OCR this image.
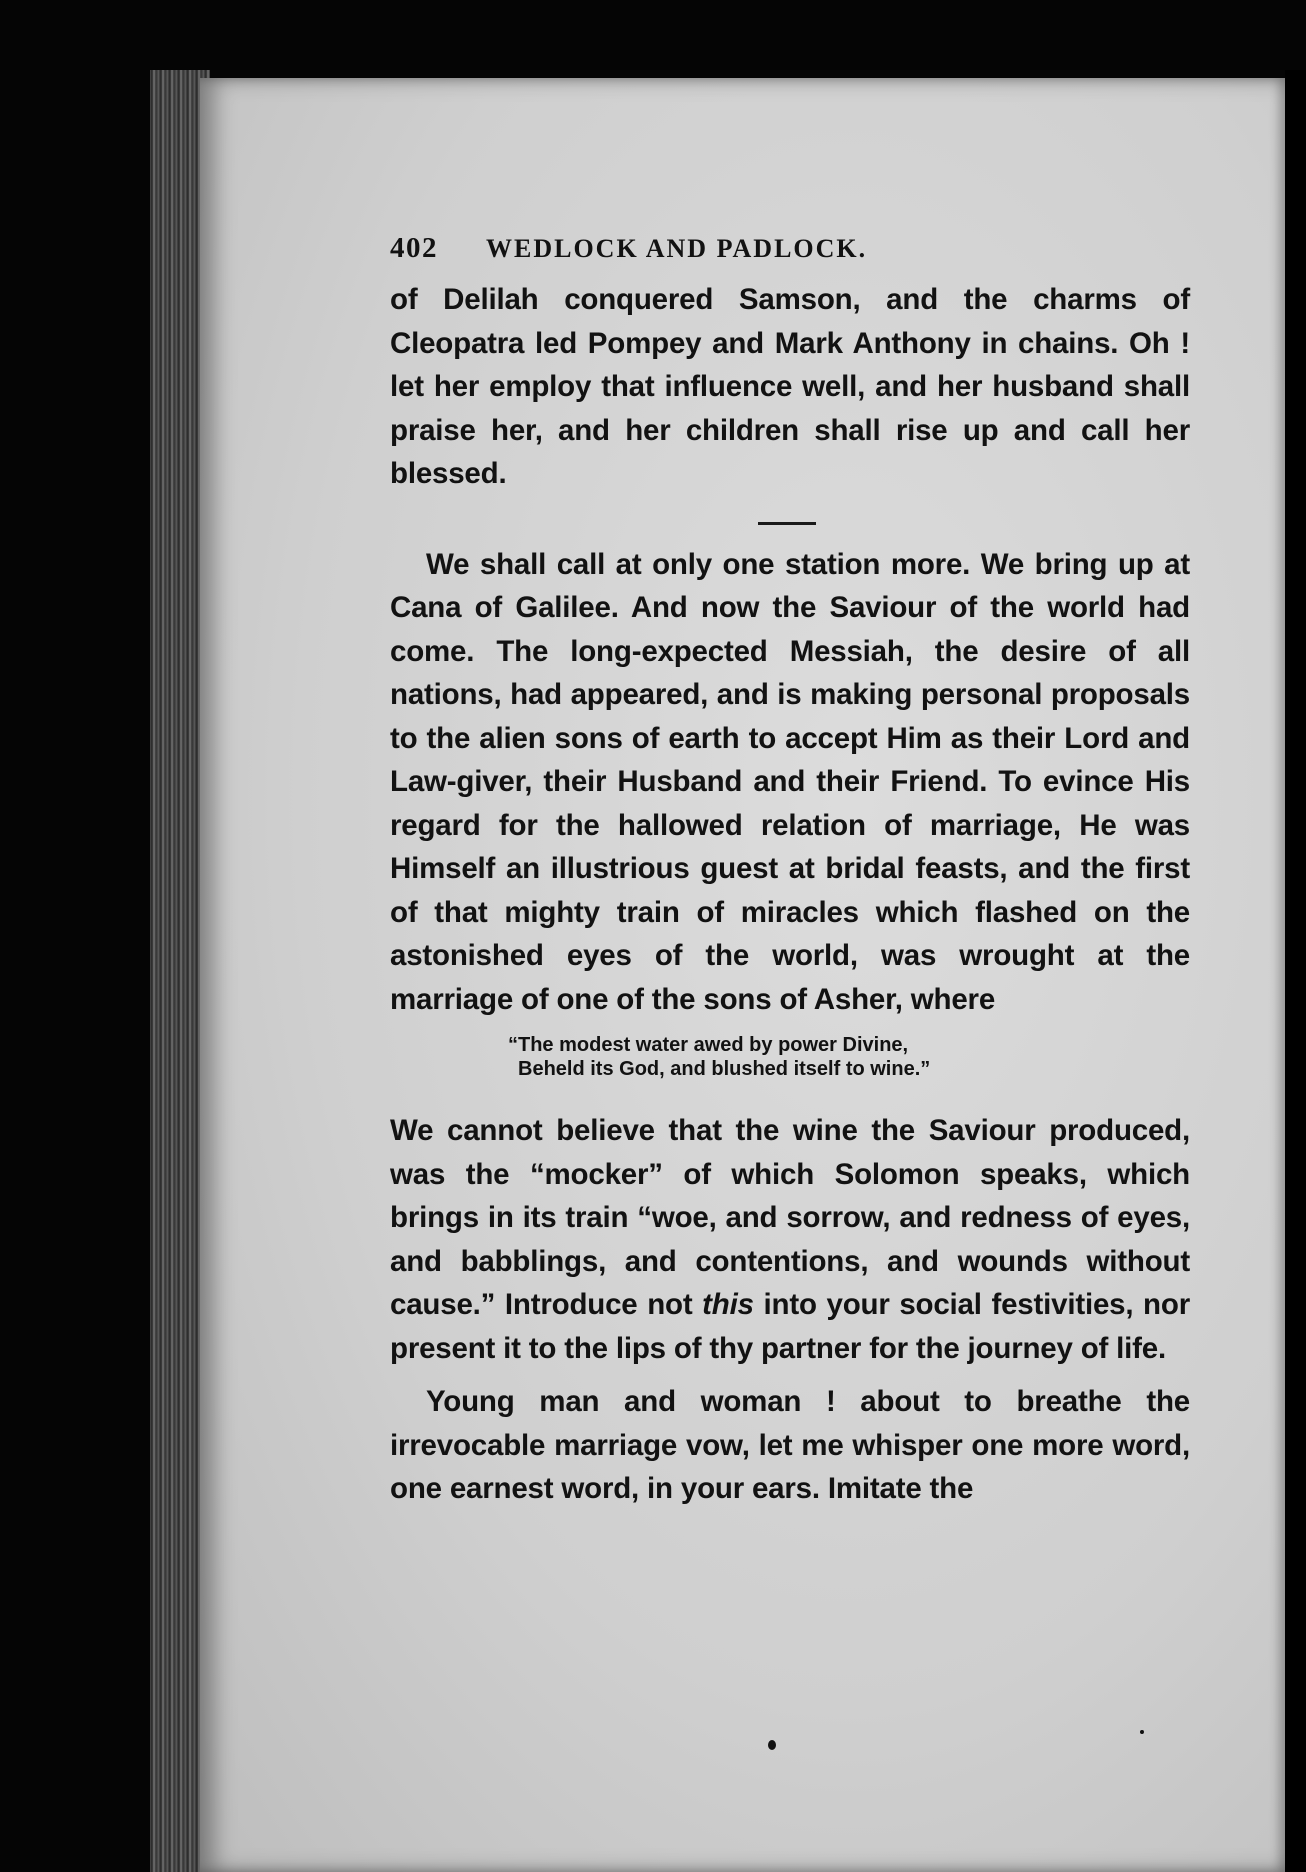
402 WEDLOCK AND PADLOCK.

of Delilah conquered Samson, and the charms of Cleopatra led Pompey and Mark Anthony in chains. Oh ! let her employ that influence well, and her husband shall praise her, and her children shall rise up and call her blessed.

We shall call at only one station more. We bring up at Cana of Galilee. And now the Saviour of the world had come. The long-expected Messiah, the desire of all nations, had appeared, and is making personal proposals to the alien sons of earth to accept Him as their Lord and Law-giver, their Husband and their Friend. To evince His regard for the hallowed relation of marriage, He was Himself an illustrious guest at bridal feasts, and the first of that mighty train of miracles which flashed on the astonished eyes of the world, was wrought at the marriage of one of the sons of Asher, where

“The modest water awed by power Divine,
Beheld its God, and blushed itself to wine.”

We cannot believe that the wine the Saviour produced, was the “mocker” of which Solomon speaks, which brings in its train “woe, and sorrow, and redness of eyes, and babblings, and contentions, and wounds without cause.” Introduce not this into your social festivities, nor present it to the lips of thy partner for the journey of life.

Young man and woman ! about to breathe the irrevocable marriage vow, let me whisper one more word, one earnest word, in your ears. Imitate the
